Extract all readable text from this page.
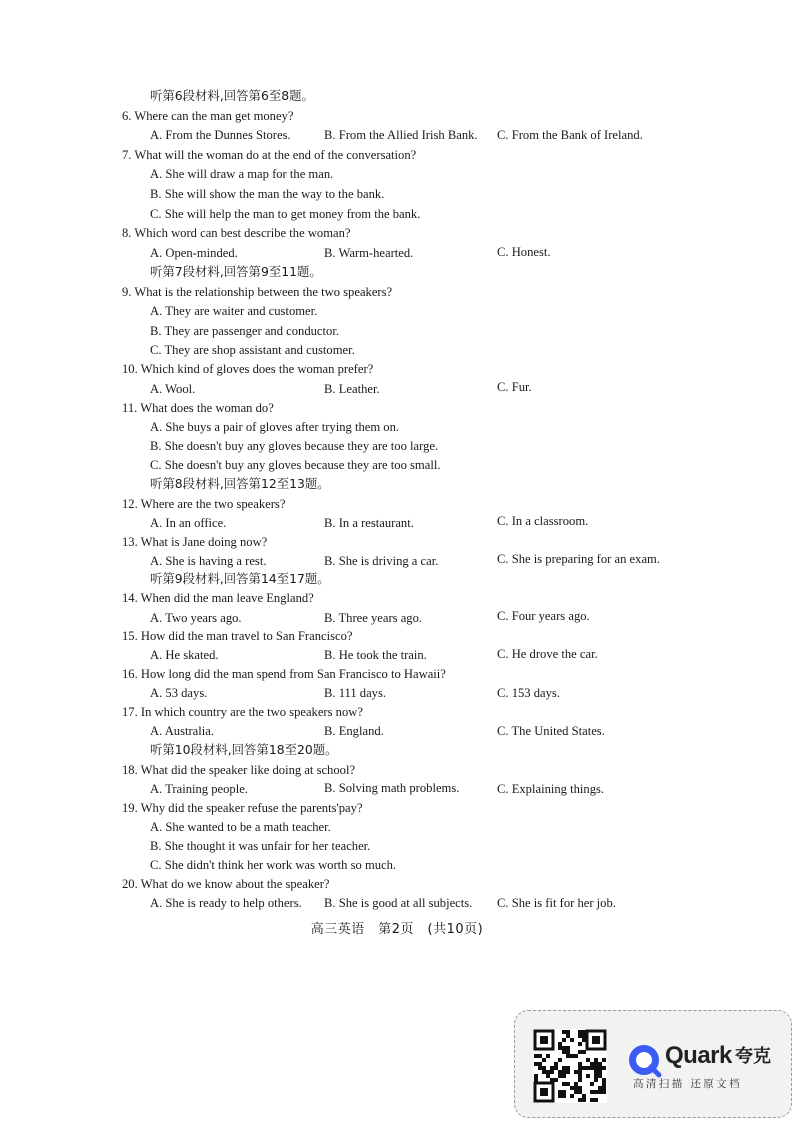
听第6段材料,回答第6至8题。
6. Where can the man get money?
A. From the Dunnes Stores.	B. From the Allied Irish Bank. C. From the Bank of Ireland.
7. What will the woman do at the end of the conversation?
A. She will draw a map for the man.
B. She will show the man the way to the bank.
C. She will help the man to get money from the bank.
8. Which word can best describe the woman?
A. Open-minded.	B. Warm-hearted.	C. Honest.
听第7段材料,回答第9至11题。
9. What is the relationship between the two speakers?
A. They are waiter and customer.
B. They are passenger and conductor.
C. They are shop assistant and customer.
10. Which kind of gloves does the woman prefer?
A. Wool.	B. Leather.	C. Fur.
11. What does the woman do?
A. She buys a pair of gloves after trying them on.
B. She doesn't buy any gloves because they are too large.
C. She doesn't buy any gloves because they are too small.
听第8段材料,回答第12至13题。
12. Where are the two speakers?
A. In an office.	B. In a restaurant.	C. In a classroom.
13. What is Jane doing now?
A. She is having a rest.	B. She is driving a car.	C. She is preparing for an exam.
听第9段材料,回答第14至17题。
14. When did the man leave England?
A. Two years ago.	B. Three years ago.	C. Four years ago.
15. How did the man travel to San Francisco?
A. He skated.	B. He took the train.	C. He drove the car.
16. How long did the man spend from San Francisco to Hawaii?
A. 53 days.	B. 111 days.	C. 153 days.
17. In which country are the two speakers now?
A. Australia.	B. England.	C. The United States.
听第10段材料,回答第18至20题。
18. What did the speaker like doing at school?
A. Training people.	B. Solving math problems.	C. Explaining things.
19. Why did the speaker refuse the parents'pay?
A. She wanted to be a math teacher.
B. She thought it was unfair for her teacher.
C. She didn't think her work was worth so much.
20. What do we know about the speaker?
A. She is ready to help others. B. She is good at all subjects. C. She is fit for her job.
高三英语　第2页　(共10页)
Quark 夸克
高清扫描 还原文档
